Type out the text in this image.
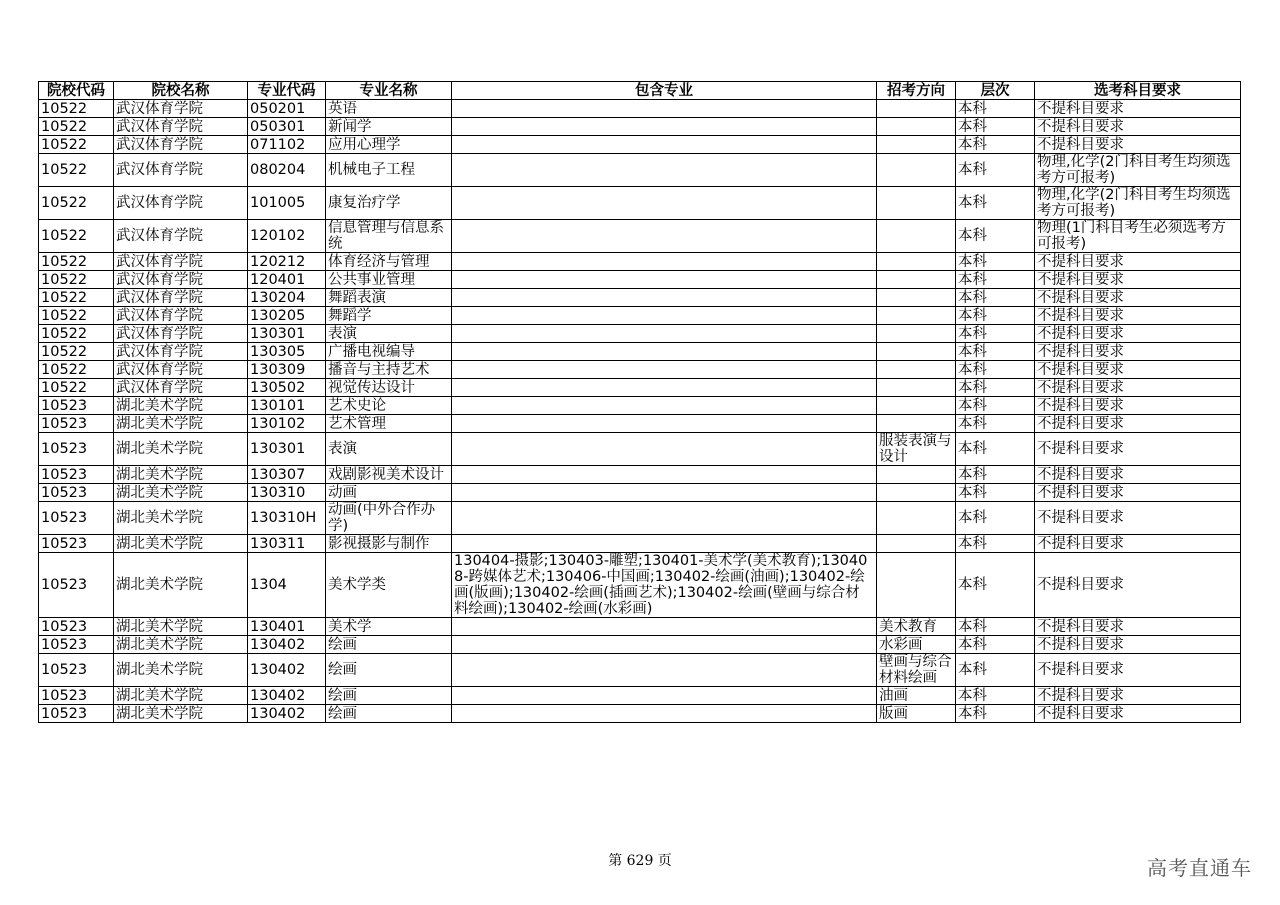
院校代码	院校名称	专业代码	专业名称	包含专业	招考方向	层次	选考科目要求
10522	武汉体育学院	050201	英语			本科	不提科目要求
10522	武汉体育学院	050301	新闻学			本科	不提科目要求
10522	武汉体育学院	071102	应用心理学			本科	不提科目要求
10522	武汉体育学院	080204	机械电子工程			本科	物理,化学(2门科目考生均须选考方可报考)
10522	武汉体育学院	101005	康复治疗学			本科	物理,化学(2门科目考生均须选考方可报考)
10522	武汉体育学院	120102	信息管理与信息系统			本科	物理(1门科目考生必须选考方可报考)
10522	武汉体育学院	120212	体育经济与管理			本科	不提科目要求
10522	武汉体育学院	120401	公共事业管理			本科	不提科目要求
10522	武汉体育学院	130204	舞蹈表演			本科	不提科目要求
10522	武汉体育学院	130205	舞蹈学			本科	不提科目要求
10522	武汉体育学院	130301	表演			本科	不提科目要求
10522	武汉体育学院	130305	广播电视编导			本科	不提科目要求
10522	武汉体育学院	130309	播音与主持艺术			本科	不提科目要求
10522	武汉体育学院	130502	视觉传达设计			本科	不提科目要求
10523	湖北美术学院	130101	艺术史论			本科	不提科目要求
10523	湖北美术学院	130102	艺术管理			本科	不提科目要求
10523	湖北美术学院	130301	表演		服装表演与设计	本科	不提科目要求
10523	湖北美术学院	130307	戏剧影视美术设计			本科	不提科目要求
10523	湖北美术学院	130310	动画			本科	不提科目要求
10523	湖北美术学院	130310H	动画(中外合作办学)			本科	不提科目要求
10523	湖北美术学院	130311	影视摄影与制作			本科	不提科目要求
10523	湖北美术学院	1304	美术学类	130404-摄影;130403-雕塑;130401-美术学(美术教育);130408-跨媒体艺术;130406-中国画;130402-绘画(油画);130402-绘画(版画);130402-绘画(插画艺术);130402-绘画(壁画与综合材料绘画);130402-绘画(水彩画)		本科	不提科目要求
10523	湖北美术学院	130401	美术学		美术教育	本科	不提科目要求
10523	湖北美术学院	130402	绘画		水彩画	本科	不提科目要求
10523	湖北美术学院	130402	绘画		壁画与综合材料绘画	本科	不提科目要求
10523	湖北美术学院	130402	绘画		油画	本科	不提科目要求
10523	湖北美术学院	130402	绘画		版画	本科	不提科目要求
第 629 页	高考直通车
